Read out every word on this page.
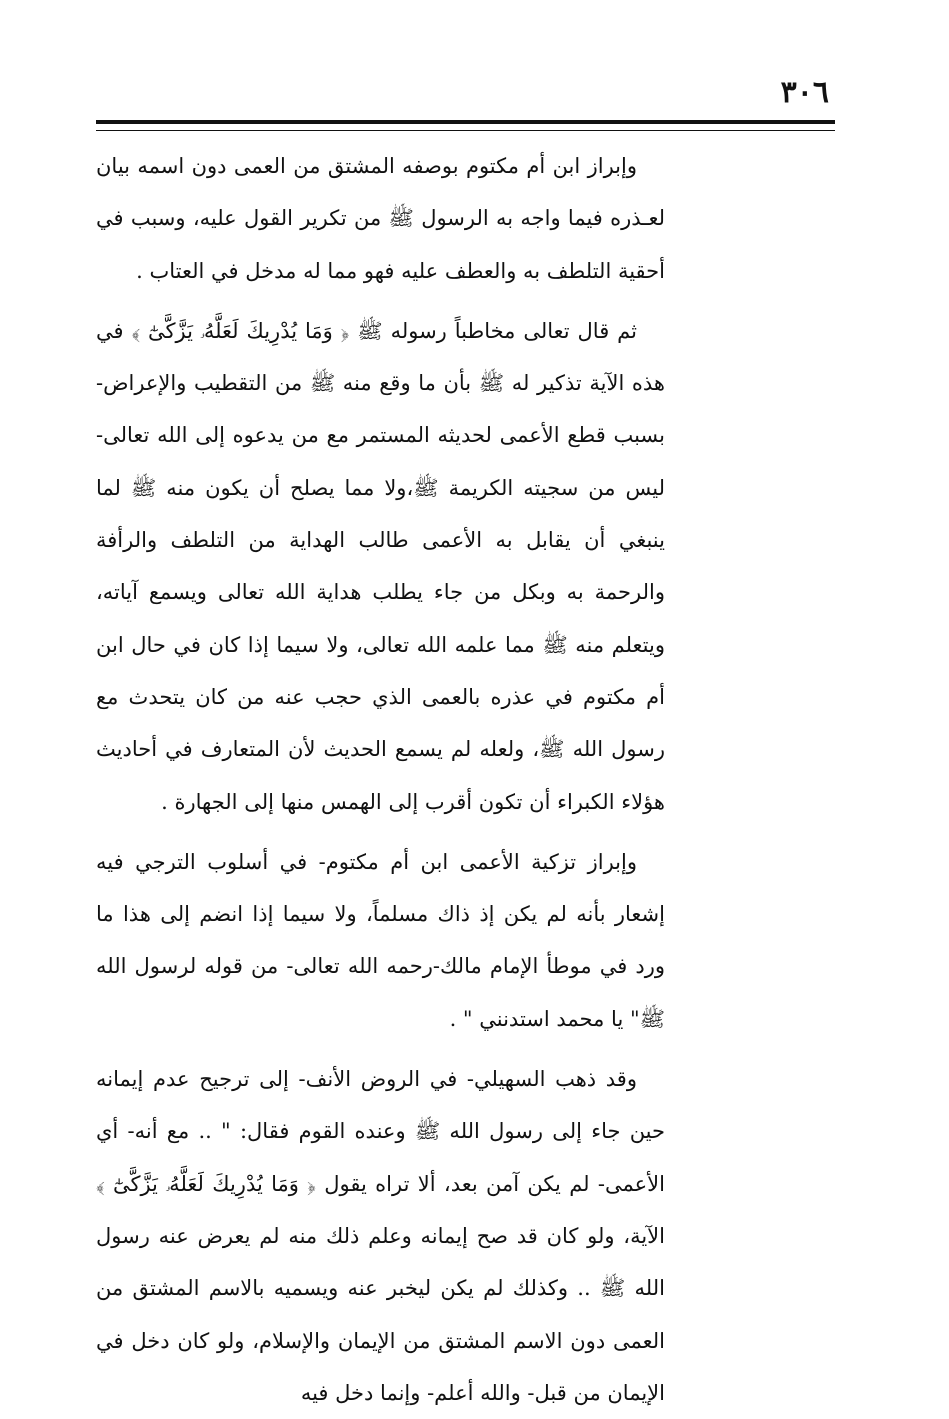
٣٠٦

وإبراز ابن أم مكتوم بوصفه المشتق من العمى دون اسمه بيان لعـذره فيما واجه به الرسول ﷺ من تكرير القول عليه، وسبب في أحقية التلطف به والعطف عليه فهو مما له مدخل في العتاب .

ثم قال تعالى مخاطباً رسوله ﷺ ﴿ وَمَا يُدْرِيكَ لَعَلَّهُۥ يَزَّكَّىٰٓ ﴾ في هذه الآية تذكير له ﷺ بأن ما وقع منه ﷺ من التقطيب والإعراض- بسبب قطع الأعمى لحديثه المستمر مع من يدعوه إلى الله تعالى- ليس من سجيته الكريمة ﷺ،ولا مما يصلح أن يكون منه ﷺ لما ينبغي أن يقابل به الأعمى طالب الهداية من التلطف والرأفة والرحمة به وبكل من جاء يطلب هداية الله تعالى ويسمع آياته، ويتعلم منه ﷺ مما علمه الله تعالى، ولا سيما إذا كان في حال ابن أم مكتوم في عذره بالعمى الذي حجب عنه من كان يتحدث مع رسول الله ﷺ، ولعله لم يسمع الحديث لأن المتعارف في أحاديث هؤلاء الكبراء أن تكون أقرب إلى الهمس منها إلى الجهارة .

وإبراز تزكية الأعمى ابن أم مكتوم- في أسلوب الترجي فيه إشعار بأنه لم يكن إذ ذاك مسلماً، ولا سيما إذا انضم إلى هذا ما ورد في موطأ الإمام مالك-رحمه الله تعالى- من قوله لرسول الله ﷺ" يا محمد استدنني " .

وقد ذهب السهيلي- في الروض الأنف- إلى ترجيح عدم إيمانه حين جاء إلى رسول الله ﷺ وعنده القوم فقال: " .. مع أنه- أي الأعمى- لم يكن آمن بعد، ألا تراه يقول ﴿ وَمَا يُدْرِيكَ لَعَلَّهُۥ يَزَّكَّىٰٓ ﴾ الآية، ولو كان قد صح إيمانه وعلم ذلك منه لم يعرض عنه رسول الله ﷺ .. وكذلك لم يكن ليخبر عنه ويسميه بالاسم المشتق من العمى دون الاسم المشتق من الإيمان والإسلام، ولو كان دخل في الإيمان من قبل- والله أعلم- وإنما دخل فيه
